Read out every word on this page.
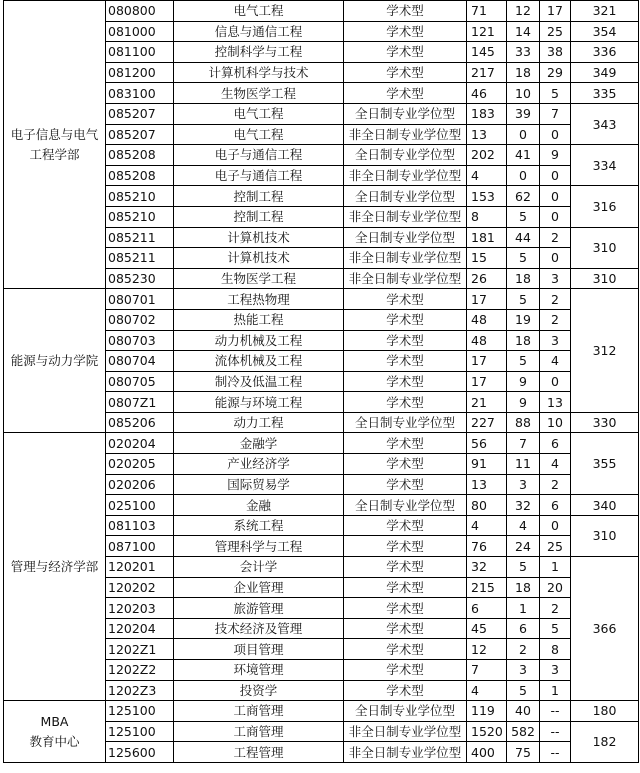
电子信息与电气
工程学部	080800	电气工程	学术型	71	12	17	321
	081000	信息与通信工程	学术型	121	14	25	354
	081100	控制科学与工程	学术型	145	33	38	336
	081200	计算机科学与技术	学术型	217	18	29	349
	083100	生物医学工程	学术型	46	10	5	335
	085207	电气工程	全日制专业学位型	183	39	7	343
	085207	电气工程	非全日制专业学位型	13	0	0	
	085208	电子与通信工程	全日制专业学位型	202	41	9	334
	085208	电子与通信工程	非全日制专业学位型	4	0	0	
	085210	控制工程	全日制专业学位型	153	62	0	316
	085210	控制工程	非全日制专业学位型	8	5	0	
	085211	计算机技术	全日制专业学位型	181	44	2	310
	085211	计算机技术	非全日制专业学位型	15	5	0	
	085230	生物医学工程	非全日制专业学位型	26	18	3	310

能源与动力学院	080701	工程热物理	学术型	17	5	2	312
	080702	热能工程	学术型	48	19	2	
	080703	动力机械及工程	学术型	48	18	3	
	080704	流体机械及工程	学术型	17	5	4	
	080705	制冷及低温工程	学术型	17	9	0	
	0807Z1	能源与环境工程	学术型	21	9	13	
	085206	动力工程	全日制专业学位型	227	88	10	330

管理与经济学部	020204	金融学	学术型	56	7	6	355
	020205	产业经济学	学术型	91	11	4	
	020206	国际贸易学	学术型	13	3	2	
	025100	金融	全日制专业学位型	80	32	6	340
	081103	系统工程	学术型	4	4	0	310
	087100	管理科学与工程	学术型	76	24	25	
	120201	会计学	学术型	32	5	1	366
	120202	企业管理	学术型	215	18	20	
	120203	旅游管理	学术型	6	1	2	
	120204	技术经济及管理	学术型	45	6	5	
	1202Z1	项目管理	学术型	12	2	8	
	1202Z2	环境管理	学术型	7	3	3	
	1202Z3	投资学	学术型	4	5	1	

MBA
教育中心	125100	工商管理	全日制专业学位型	119	40	--	180
	125100	工商管理	非全日制专业学位型	1520	582	--	182
	125600	工程管理	非全日制专业学位型	400	75	--	
